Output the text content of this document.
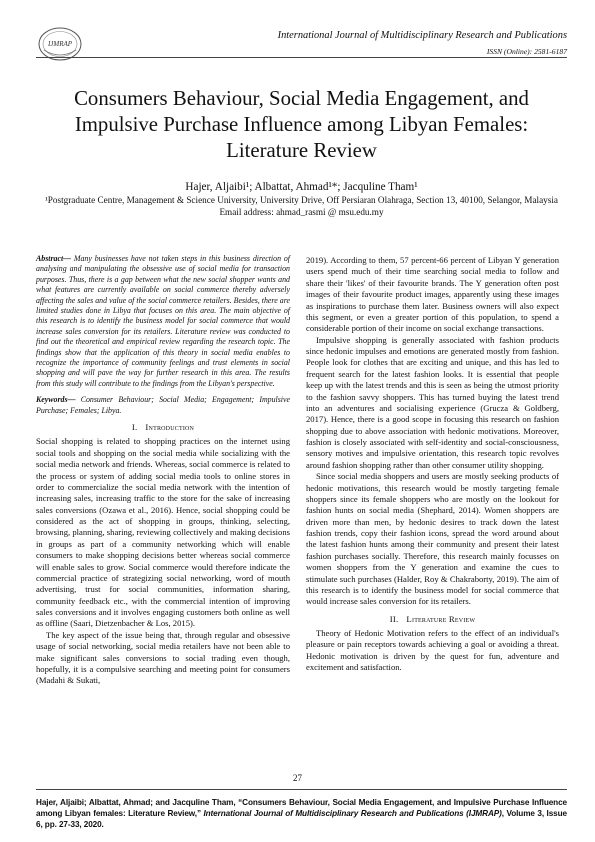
IJMRAP
International Journal of Multidisciplinary Research and Publications
ISSN (Online): 2581-6187
Consumers Behaviour, Social Media Engagement, and Impulsive Purchase Influence among Libyan Females: Literature Review
Hajer, Aljaibi¹; Albattat, Ahmad¹*; Jacquline Tham¹
¹Postgraduate Centre, Management & Science University, University Drive, Off Persiaran Olahraga, Section 13, 40100, Selangor, Malaysia
Email address: ahmad_rasmi @ msu.edu.my

Abstract— Many businesses have not taken steps in this business direction of analysing and manipulating the obsessive use of social media for transaction purposes. Thus, there is a gap between what the new social shopper wants and what features are currently available on social commerce thereby adversely affecting the sales and value of the social commerce retailers. Besides, there are limited studies done in Libya that focuses on this area. The main objective of this research is to identify the business model for social commerce that would increase sales conversion for its retailers. Literature review was conducted to find out the theoretical and empirical review regarding the research topic. The findings show that the application of this theory in social media enables to recognize the importance of community feelings and trust elements in social shopping and will pave the way for further research in this area. The results from this study will contribute to the findings from the Libyan's perspective.

Keywords— Consumer Behaviour; Social Media; Engagement; Impulsive Purchase; Females; Libya.
I. Introduction

Social shopping is related to shopping practices on the internet using social tools and shopping on the social media while socializing with the social media network and friends. Whereas, social commerce is related to the process or system of adding social media tools to online stores in order to commercialize the social media network with the intention of increasing sales, increasing traffic to the store for the sake of increasing sales conversions (Ozawa et al., 2016). Hence, social shopping could be considered as the act of shopping in groups, thinking, selecting, browsing, planning, sharing, reviewing collectively and making decisions in groups as part of a community networking which will enable consumers to make shopping decisions better whereas social commerce will enable sales to grow. Social commerce would therefore indicate the commercial practice of strategizing social networking, word of mouth advertising, trust for social communities, information sharing, community feedback etc., with the commercial intention of improving sales conversions and it involves engaging customers both online as well as offline (Saari, Dietzenbacher & Los, 2015).

The key aspect of the issue being that, through regular and obsessive usage of social networking, social media retailers have not been able to make significant sales conversions to social trading even though, hopefully, it is a compulsive searching and meeting point for consumers (Madahi & Sukati,

2019). According to them, 57 percent-66 percent of Libyan Y generation users spend much of their time searching social media to follow and share their 'likes' of their favourite brands. The Y generation often post images of their favourite product images, apparently using these images as inspirations to purchase them later. Business owners will also expect this segment, or even a greater portion of this population, to spend a considerable portion of their income on social exchange transactions.

Impulsive shopping is generally associated with fashion products since hedonic impulses and emotions are generated mostly from fashion. People look for clothes that are exciting and unique, and this has led to frequent search for the latest fashion looks. It is essential that people keep up with the latest trends and this is seen as being the utmost priority to the fashion savvy shoppers. This has turned buying the latest trend into an adventures and socialising experience (Grucza & Goldberg, 2017). Hence, there is a good scope in focusing this research on fashion shopping due to above association with hedonic motivations. Moreover, fashion is closely associated with self-identity and social-consciousness, sensory motives and impulsive orientation, this research topic revolves around fashion shopping rather than other consumer utility shopping.

Since social media shoppers and users are mostly seeking products of hedonic motivations, this research would be mostly targeting female shoppers since its female shoppers who are mostly on the lookout for fashion hunts on social media (Shephard, 2014). Women shoppers are driven more than men, by hedonic desires to track down the latest fashion trends, copy their fashion icons, spread the word around about the latest fashion hunts among their community and present their latest fashion purchases socially. Therefore, this research mainly focusses on women shoppers from the Y generation and examine the cues to stimulate such purchases (Halder, Roy & Chakraborty, 2019). The aim of this research is to identify the business model for social commerce that would increase sales conversion for its retailers.

II. Literature Review

Theory of Hedonic Motivation refers to the effect of an individual's pleasure or pain receptors towards achieving a goal or avoiding a threat. Hedonic motivation is driven by the quest for fun, adventure and excitement and satisfaction.

27
Hajer, Aljaibi; Albattat, Ahmad; and Jacquline Tham, “Consumers Behaviour, Social Media Engagement, and Impulsive Purchase Influence among Libyan females: Literature Review,” International Journal of Multidisciplinary Research and Publications (IJMRAP), Volume 3, Issue 6, pp. 27-33, 2020.
